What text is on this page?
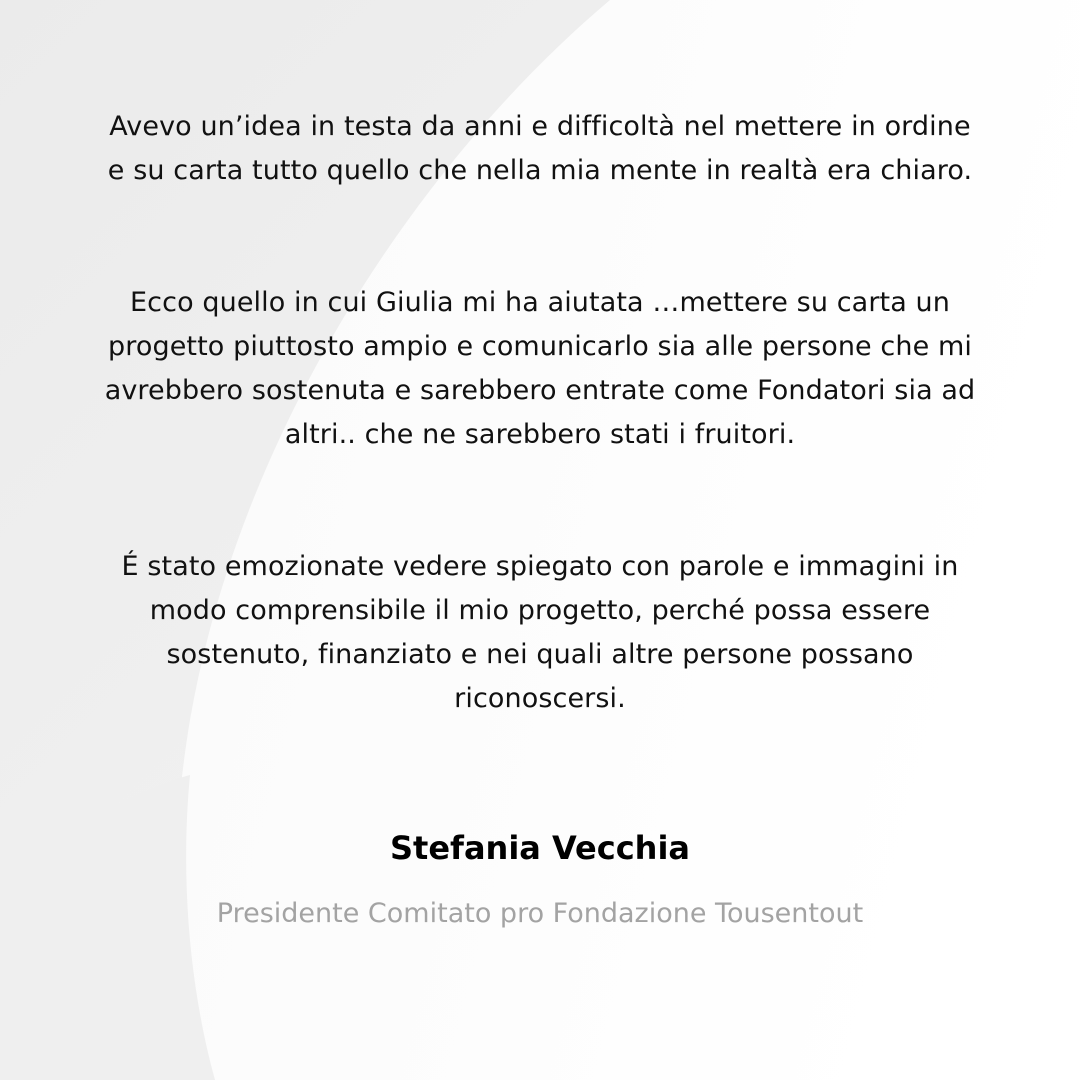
Avevo un’idea in testa da anni e difficoltà nel mettere in ordine e su carta tutto quello che nella mia mente in realtà era chiaro.

Ecco quello in cui Giulia mi ha aiutata …mettere su carta un progetto piuttosto ampio e comunicarlo sia alle persone che mi avrebbero sostenuta e sarebbero entrate come Fondatori sia ad altri.. che ne sarebbero stati i fruitori.

É stato emozionate vedere spiegato con parole e immagini in modo comprensibile il mio progetto, perché possa essere sostenuto, finanziato e nei quali altre persone possano riconoscersi.

Stefania Vecchia
Presidente Comitato pro Fondazione Tousentout
